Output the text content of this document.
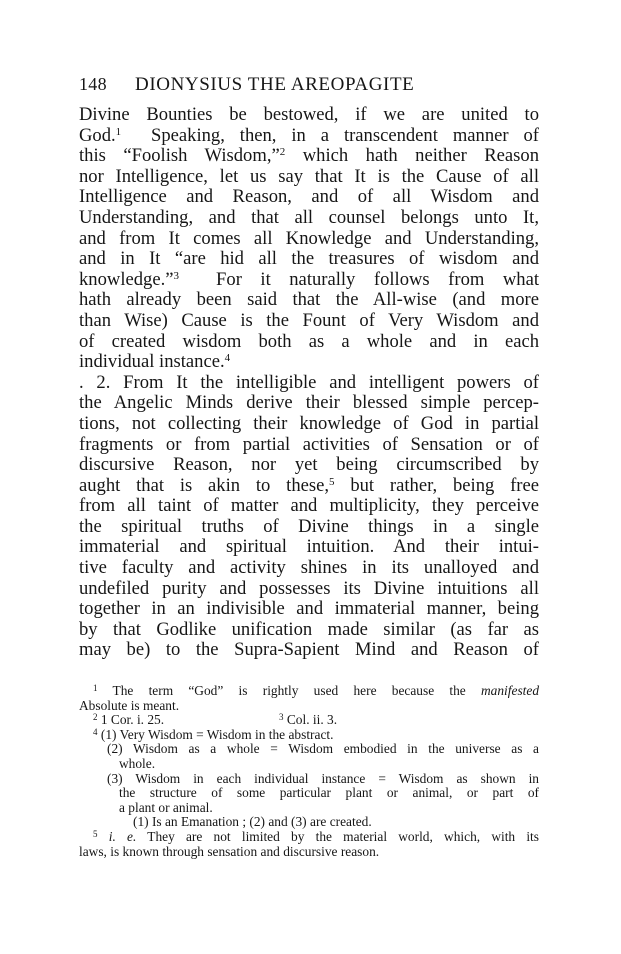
148 DIONYSIUS THE AREOPAGITE
Divine Bounties be bestowed, if we are united to
God.$^1$  Speaking, then, in a transcendent manner of
this “Foolish Wisdom,”$^2$ which hath neither Reason
nor Intelligence, let us say that It is the Cause of all
Intelligence and Reason, and of all Wisdom and
Understanding, and that all counsel belongs unto It,
and from It comes all Knowledge and Understanding,
and in It “are hid all the treasures of wisdom and
knowledge.”$^3$  For it naturally follows from what
hath already been said that the All-wise (and more
than Wise) Cause is the Fount of Very Wisdom and
of created wisdom both as a whole and in each
individual instance.$^4$
. 2. From It the intelligible and intelligent powers of
the Angelic Minds derive their blessed simple percep-
tions, not collecting their knowledge of God in partial
fragments or from partial activities of Sensation or of
discursive Reason, nor yet being circumscribed by
aught that is akin to these,$^5$ but rather, being free
from all taint of matter and multiplicity, they perceive
the spiritual truths of Divine things in a single
immaterial and spiritual intuition. And their intui-
tive faculty and activity shines in its unalloyed and
undefiled purity and possesses its Divine intuitions all
together in an indivisible and immaterial manner, being
by that Godlike unification made similar (as far as
may be) to the Supra-Sapient Mind and Reason of
$^1$ The term “God” is rightly used here because the manifested
Absolute is meant.
$^2$ 1 Cor. i. 25.	$^3$ Col. ii. 3.
$^4$ (1) Very Wisdom = Wisdom in the abstract.
(2) Wisdom as a whole = Wisdom embodied in the universe as a
whole.
(3) Wisdom in each individual instance = Wisdom as shown in
the structure of some particular plant or animal, or part of
a plant or animal.
(1) Is an Emanation ; (2) and (3) are created.
$^5$ i. e. They are not limited by the material world, which, with its
laws, is known through sensation and discursive reason.
